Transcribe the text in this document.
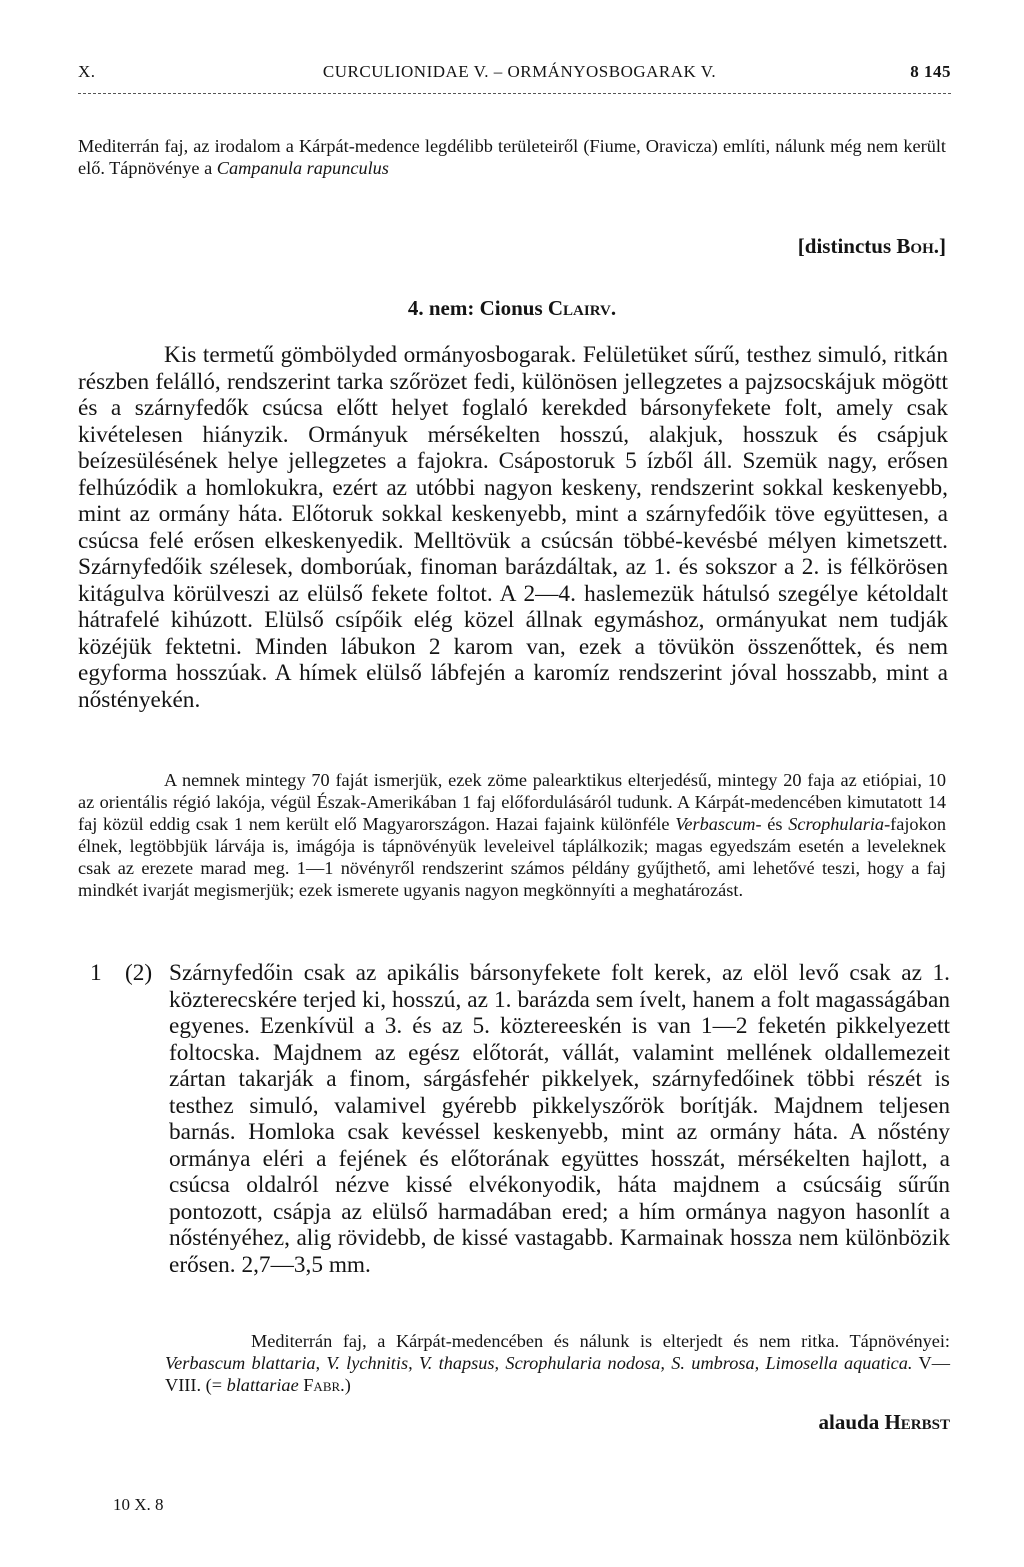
X.	CURCULIONIDAE V. – ORMÁNYOSBOGARAK V.	8 145

Mediterrán faj, az irodalom a Kárpát-medence legdélibb területeiről (Fiume, Oravicza) említi, nálunk még nem került elő. Tápnövénye a Campanula rapunculus

[distinctus Boh.]
4. nem: Cionus Clairv.

Kis termetű gömbölyded ormányosbogarak. Felületüket sűrű, testhez simuló, ritkán részben felálló, rendszerint tarka szőrözet fedi, különösen jellegzetes a pajzsocskájuk mögött és a szárnyfedők csúcsa előtt helyet foglaló kerekded bársonyfekete folt, amely csak kivételesen hiányzik. Ormányuk mérsékelten hosszú, alakjuk, hosszuk és csápjuk beízesülésének helye jellegzetes a fajokra. Csápostoruk 5 ízből áll. Szemük nagy, erősen felhúzódik a homlokukra, ezért az utóbbi nagyon keskeny, rendszerint sokkal keskenyebb, mint az ormány háta. Előtoruk sokkal keskenyebb, mint a szárnyfedőik töve együttesen, a csúcsa felé erősen elkeskenyedik. Melltövük a csúcsán többé-kevésbé mélyen kimetszett. Szárnyfedőik szélesek, domborúak, finoman barázdáltak, az 1. és sokszor a 2. is félkörösen kitágulva körülveszi az elülső fekete foltot. A 2—4. haslemezük hátulsó szegélye kétoldalt hátrafelé kihúzott. Elülső csípőik elég közel állnak egymáshoz, ormányukat nem tudják közéjük fektetni. Minden lábukon 2 karom van, ezek a tövükön összenőttek, és nem egyforma hosszúak. A hímek elülső lábfején a karomíz rendszerint jóval hosszabb, mint a nőstényekén.

A nemnek mintegy 70 faját ismerjük, ezek zöme palearktikus elterjedésű, mintegy 20 faja az etiópiai, 10 az orientális régió lakója, végül Észak-Amerikában 1 faj előfordulásáról tudunk. A Kárpát-medencében kimutatott 14 faj közül eddig csak 1 nem került elő Magyarországon. Hazai fajaink különféle Verbascum- és Scrophularia-fajokon élnek, legtöbbjük lárvája is, imágója is tápnövényük leveleivel táplálkozik; magas egyedszám esetén a leveleknek csak az erezete marad meg. 1—1 növényről rendszerint számos példány gyűjthető, ami lehetővé teszi, hogy a faj mindkét ivarját megismerjük; ezek ismerete ugyanis nagyon megkönnyíti a meghatározást.

1 (2) Szárnyfedőin csak az apikális bársonyfekete folt kerek, az elöl levő csak az 1. közterecskére terjed ki, hosszú, az 1. barázda sem ívelt, hanem a folt magasságában egyenes. Ezenkívül a 3. és az 5. köztereeskén is van 1—2 feketén pikkelyezett foltocska. Majdnem az egész előtorát, vállát, valamint mellének oldallemezeit zártan takarják a finom, sárgásfehér pikkelyek, szárnyfedőinek többi részét is testhez simuló, valamivel gyérebb pikkelyszőrök borítják. Majdnem teljesen barnás. Homloka csak kevéssel keskenyebb, mint az ormány háta. A nőstény ormánya eléri a fejének és előtorának együttes hosszát, mérsékelten hajlott, a csúcsa oldalról nézve kissé elvékonyodik, háta majdnem a csúcsáig sűrűn pontozott, csápja az elülső harmadában ered; a hím ormánya nagyon hasonlít a nőstényéhez, alig rövidebb, de kissé vastagabb. Karmainak hossza nem különbözik erősen. 2,7—3,5 mm.

Mediterrán faj, a Kárpát-medencében és nálunk is elterjedt és nem ritka. Tápnövényei: Verbascum blattaria, V. lychnitis, V. thapsus, Scrophularia nodosa, S. umbrosa, Limosella aquatica. V—VIII. (= blattariae Fabr.)

alauda Herbst
10 X. 8
